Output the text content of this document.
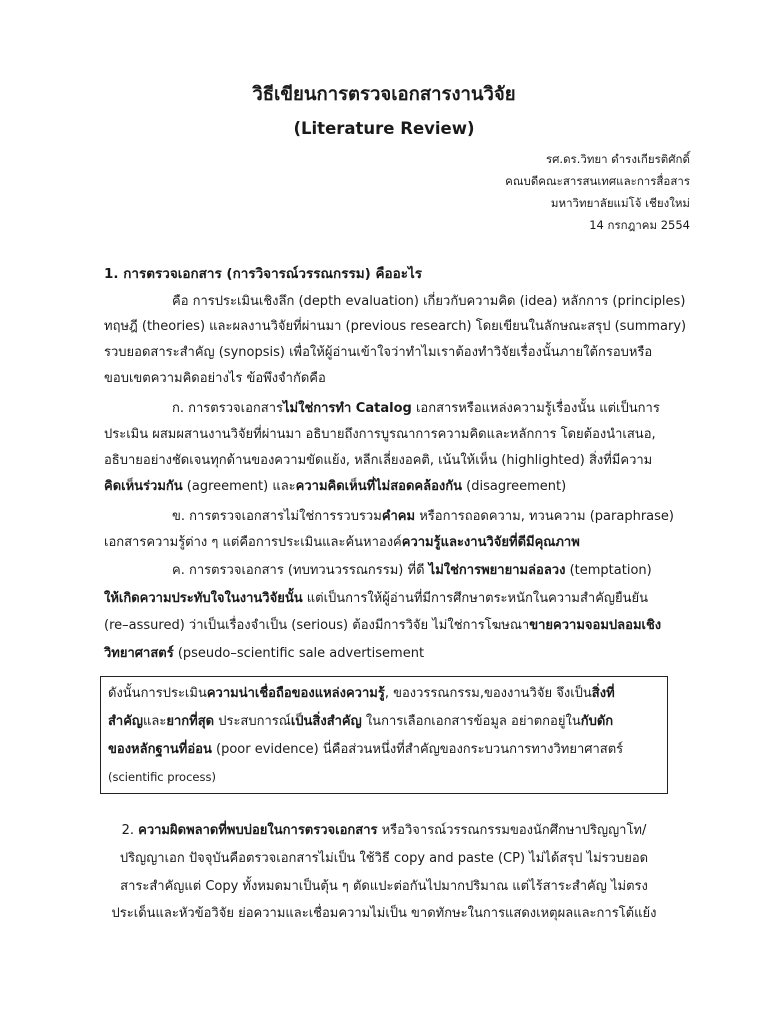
วิธีเขียนการตรวจเอกสารงานวิจัย
(Literature Review)
รศ.ดร.วิทยา ดำรงเกียรติศักดิ์
คณบดีคณะสารสนเทศและการสื่อสาร
มหาวิทยาลัยแม่โจ้ เชียงใหม่
14 กรกฎาคม 2554
1. การตรวจเอกสาร (การวิจารณ์วรรณกรรม) คืออะไร
คือ การประเมินเชิงลึก (depth evaluation) เกี่ยวกับความคิด (idea) หลักการ (principles)
ทฤษฎี (theories) และผลงานวิจัยที่ผ่านมา (previous research) โดยเขียนในลักษณะสรุป (summary)
รวบยอดสาระสำคัญ (synopsis) เพื่อให้ผู้อ่านเข้าใจว่าทำไมเราต้องทำวิจัยเรื่องนั้นภายใต้กรอบหรือ
ขอบเขตความคิดอย่างไร ข้อพึงจำกัดคือ
ก. การตรวจเอกสารไม่ใช่การทำ Catalog เอกสารหรือแหล่งความรู้เรื่องนั้น แต่เป็นการ
ประเมิน ผสมผสานงานวิจัยที่ผ่านมา อธิบายถึงการบูรณาการความคิดและหลักการ โดยต้องนำเสนอ,
อธิบายอย่างชัดเจนทุกด้านของความขัดแย้ง, หลีกเลี่ยงอคติ, เน้นให้เห็น (highlighted) สิ่งที่มีความ
คิดเห็นร่วมกัน (agreement) และความคิดเห็นที่ไม่สอดคล้องกัน (disagreement)
ข. การตรวจเอกสารไม่ใช่การรวบรวมคำคม หรือการถอดความ, ทวนความ (paraphrase)
เอกสารความรู้ต่าง ๆ แต่คือการประเมินและค้นหาองค์ความรู้และงานวิจัยที่ดีมีคุณภาพ
ค. การตรวจเอกสาร (ทบทวนวรรณกรรม) ที่ดี ไม่ใช่การพยายามล่อลวง (temptation)
ให้เกิดความประทับใจในงานวิจัยนั้น แต่เป็นการให้ผู้อ่านที่มีการศึกษาตระหนักในความสำคัญยืนยัน
(re–assured) ว่าเป็นเรื่องจำเป็น (serious) ต้องมีการวิจัย ไม่ใช่การโฆษณาขายความจอมปลอมเชิง
วิทยาศาสตร์ (pseudo–scientific sale advertisement
ดังนั้นการประเมินความน่าเชื่อถือของแหล่งความรู้, ของวรรณกรรม,ของงานวิจัย จึงเป็นสิ่งที่
สำคัญและยากที่สุด ประสบการณ์เป็นสิ่งสำคัญ ในการเลือกเอกสารข้อมูล อย่าตกอยู่ในกับดัก
ของหลักฐานที่อ่อน (poor evidence) นี่คือส่วนหนึ่งที่สำคัญของกระบวนการทางวิทยาศาสตร์
(scientific process)
2. ความผิดพลาดที่พบบ่อยในการตรวจเอกสาร หรือวิจารณ์วรรณกรรมของนักศึกษาปริญญาโท/
ปริญญาเอก ปัจจุบันคือตรวจเอกสารไม่เป็น ใช้วิธี copy and paste (CP) ไม่ได้สรุป ไม่รวบยอด
สาระสำคัญแต่ Copy ทั้งหมดมาเป็นตุ้น ๆ ตัดแปะต่อกันไปมากปริมาณ แต่ไร้สาระสำคัญ ไม่ตรง
ประเด็นและหัวข้อวิจัย ย่อความและเชื่อมความไม่เป็น ขาดทักษะในการแสดงเหตุผลและการโต้แย้ง
